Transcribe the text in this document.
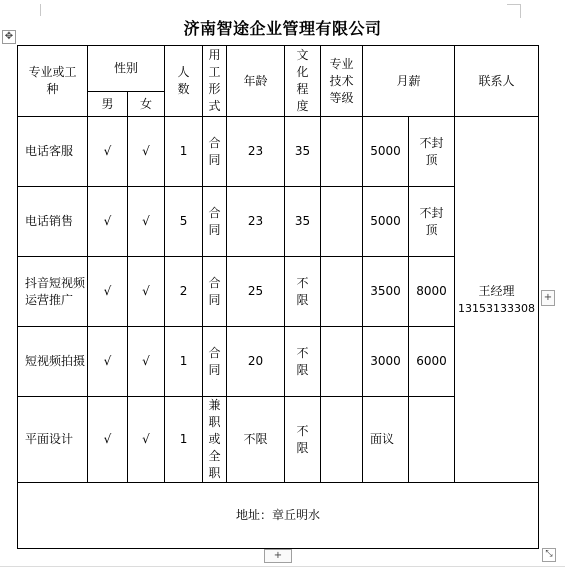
✥	济南智途企业管理有限公司
专业或工种	性别		人数	用工形式	年龄	文化程度	专业技术等级	月薪		联系人
	男	女								
电话客服	√	√	1	合同	23	35		5000	不封顶	王经理
13153133308

电话销售	√	√	5	合同	23	35		5000	不封顶	
抖音短视频运营推广	√	√	2	合同	25	不限		3500	8000	
短视频拍摄	√	√	1	合同	20	不限		3000	6000	
平面设计	√	√	1	兼职或全职	不限	不限		面议		
地址：章丘明水										
+
+	⤡
